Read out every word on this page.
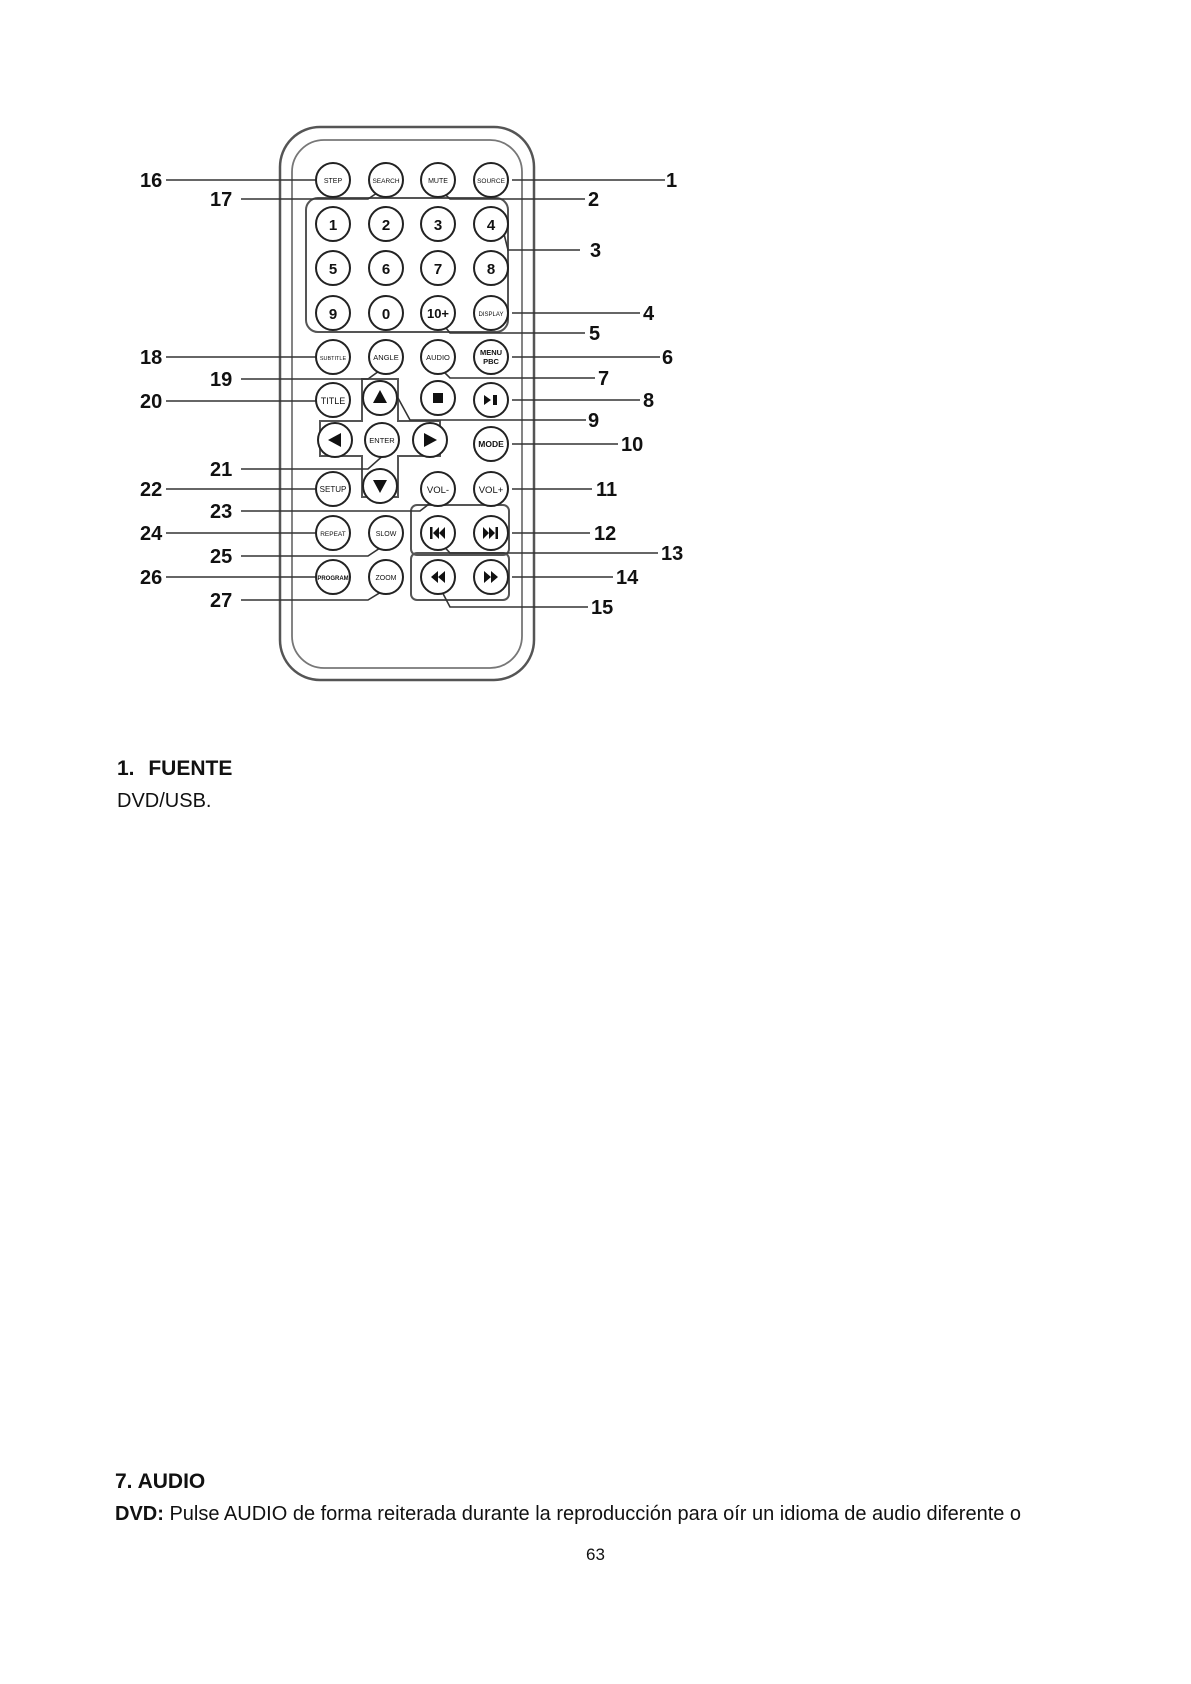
STEP	SEARCH	MUTE	SOURCE
1	2	3	4
5	6	7	8
9	0	10+	DISPLAY
SUBTITLE	ANGLE	AUDIO
MENU
PBC
TITLE
ENTER	MODE
SETUP	VOL-	VOL+
REPEAT	SLOW
PROGRAM	ZOOM
1
2
3
4
5
6
7
8
9
10
11
12
13
14
15
16
17
18
19
20
21
22
23
24
25
26
27
1. FUENTE

DVD/USB.

7. AUDIO

DVD: Pulse AUDIO de forma reiterada durante la reproducción para oír un idioma de audio diferente o

63
